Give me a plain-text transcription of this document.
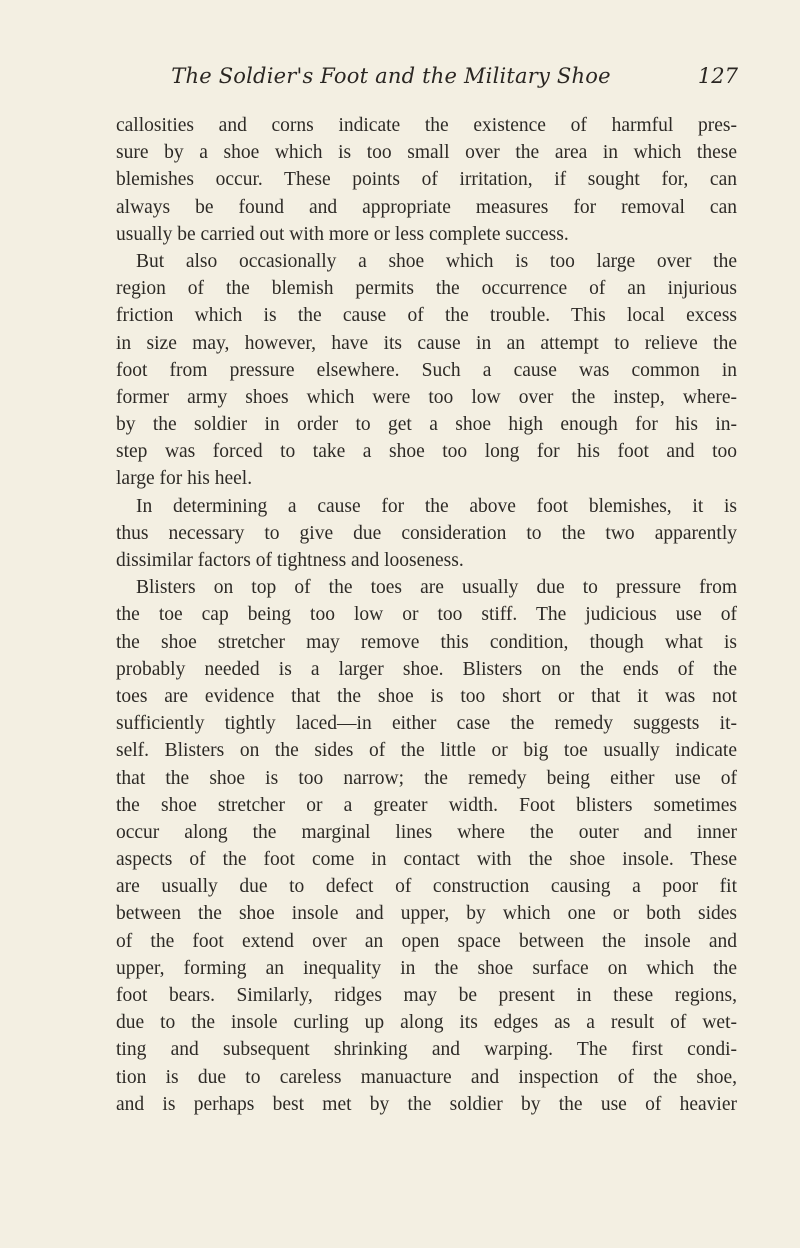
The Soldier's Foot and the Military Shoe	127
callosities and corns indicate the existence of harmful pres-
sure by a shoe which is too small over the area in which these
blemishes occur. These points of irritation, if sought for, can
always be found and appropriate measures for removal can
usually be carried out with more or less complete success.
But also occasionally a shoe which is too large over the
region of the blemish permits the occurrence of an injurious
friction which is the cause of the trouble. This local excess
in size may, however, have its cause in an attempt to relieve the
foot from pressure elsewhere. Such a cause was common in
former army shoes which were too low over the instep, where-
by the soldier in order to get a shoe high enough for his in-
step was forced to take a shoe too long for his foot and too
large for his heel.
In determining a cause for the above foot blemishes, it is
thus necessary to give due consideration to the two apparently
dissimilar factors of tightness and looseness.
Blisters on top of the toes are usually due to pressure from
the toe cap being too low or too stiff. The judicious use of
the shoe stretcher may remove this condition, though what is
probably needed is a larger shoe. Blisters on the ends of the
toes are evidence that the shoe is too short or that it was not
sufficiently tightly laced—in either case the remedy suggests it-
self. Blisters on the sides of the little or big toe usually indicate
that the shoe is too narrow; the remedy being either use of
the shoe stretcher or a greater width. Foot blisters sometimes
occur along the marginal lines where the outer and inner
aspects of the foot come in contact with the shoe insole. These
are usually due to defect of construction causing a poor fit
between the shoe insole and upper, by which one or both sides
of the foot extend over an open space between the insole and
upper, forming an inequality in the shoe surface on which the
foot bears. Similarly, ridges may be present in these regions,
due to the insole curling up along its edges as a result of wet-
ting and subsequent shrinking and warping. The first condi-
tion is due to careless manuacture and inspection of the shoe,
and is perhaps best met by the soldier by the use of heavier
